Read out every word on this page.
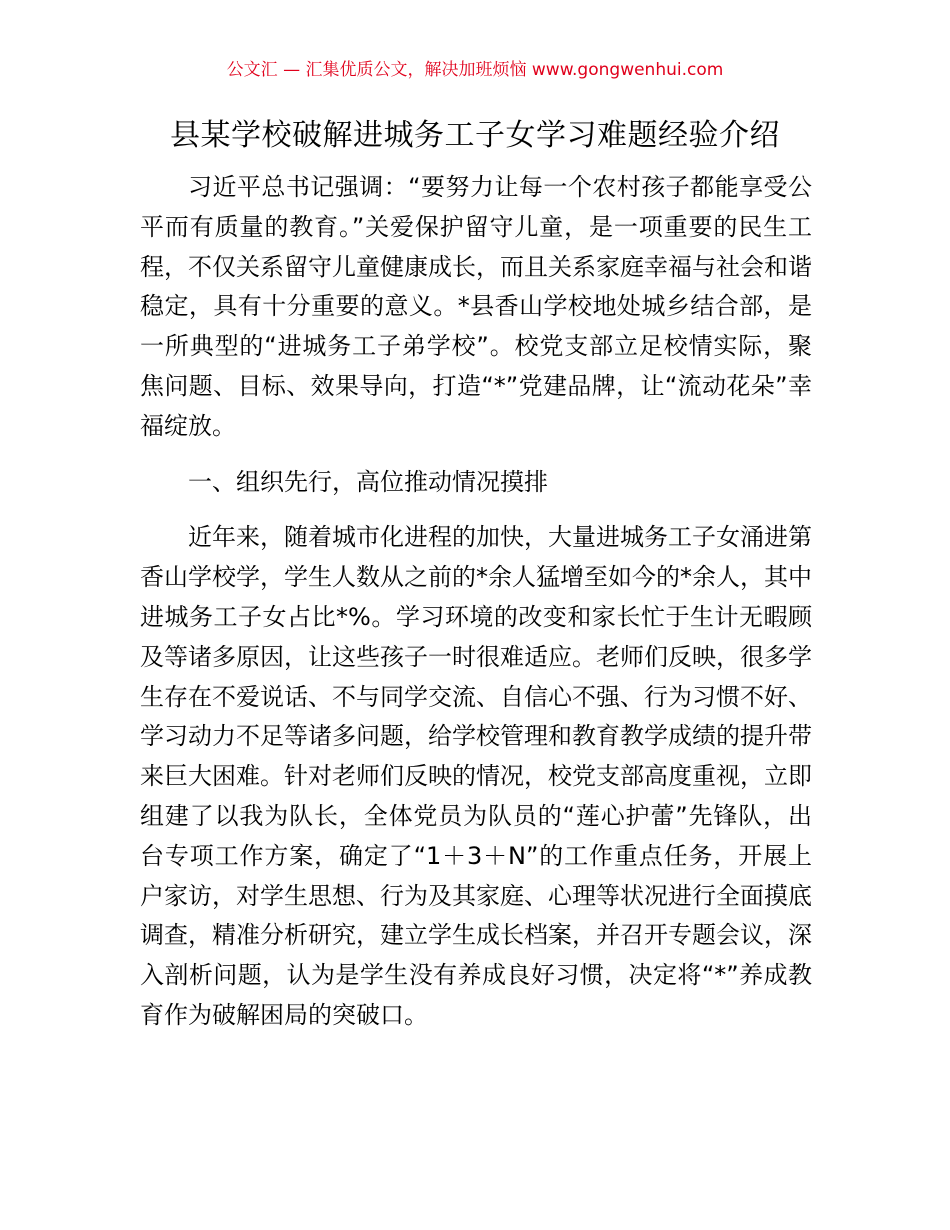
公文汇 — 汇集优质公文，解决加班烦恼 www.gongwenhui.com
县某学校破解进城务工子女学习难题经验介绍

习近平总书记强调：“要努力让每一个农村孩子都能享受公平而有质量的教育。”关爱保护留守儿童，是一项重要的民生工程，不仅关系留守儿童健康成长，而且关系家庭幸福与社会和谐稳定，具有十分重要的意义。*县香山学校地处城乡结合部，是一所典型的“进城务工子弟学校”。校党支部立足校情实际，聚焦问题、目标、效果导向，打造“*”党建品牌，让“流动花朵”幸福绽放。

一、组织先行，高位推动情况摸排

近年来，随着城市化进程的加快，大量进城务工子女涌进第香山学校学，学生人数从之前的*余人猛增至如今的*余人，其中进城务工子女占比*%。学习环境的改变和家长忙于生计无暇顾及等诸多原因，让这些孩子一时很难适应。老师们反映，很多学生存在不爱说话、不与同学交流、自信心不强、行为习惯不好、学习动力不足等诸多问题，给学校管理和教育教学成绩的提升带来巨大困难。针对老师们反映的情况，校党支部高度重视，立即组建了以我为队长，全体党员为队员的“莲心护蕾”先锋队，出台专项工作方案，确定了“1＋3＋N”的工作重点任务，开展上户家访，对学生思想、行为及其家庭、心理等状况进行全面摸底调查，精准分析研究，建立学生成长档案，并召开专题会议，深入剖析问题，认为是学生没有养成良好习惯，决定将“*”养成教育作为破解困局的突破口。
